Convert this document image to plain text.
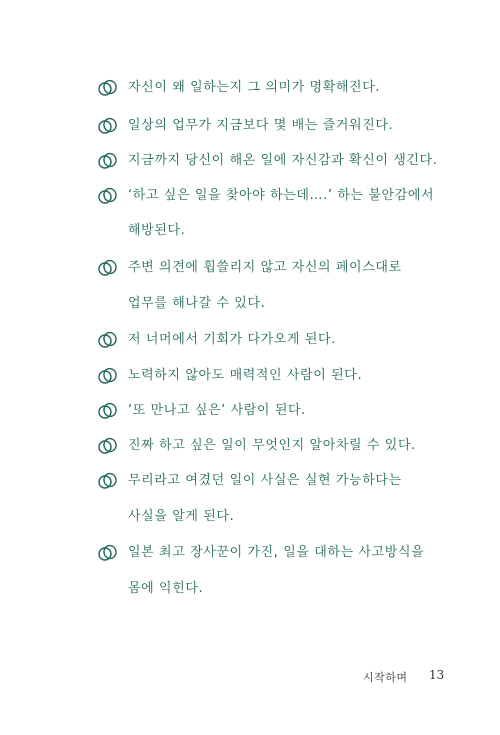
자신이 왜 일하는지 그 의미가 명확해진다.
일상의 업무가 지금보다 몇 배는 즐거워진다.
지금까지 당신이 해온 일에 자신감과 확신이 생긴다.
‘하고 싶은 일을 찾아야 하는데….’ 하는 불안감에서
해방된다.
주변 의견에 휩쓸리지 않고 자신의 페이스대로
업무를 해나갈 수 있다.
저 너머에서 기회가 다가오게 된다.
노력하지 않아도 매력적인 사람이 된다.
‘또 만나고 싶은’ 사람이 된다.
진짜 하고 싶은 일이 무엇인지 알아차릴 수 있다.
무리라고 여겼던 일이 사실은 실현 가능하다는
사실을 알게 된다.
일본 최고 장사꾼이 가진, 일을 대하는 사고방식을
몸에 익힌다.
시작하며 13
